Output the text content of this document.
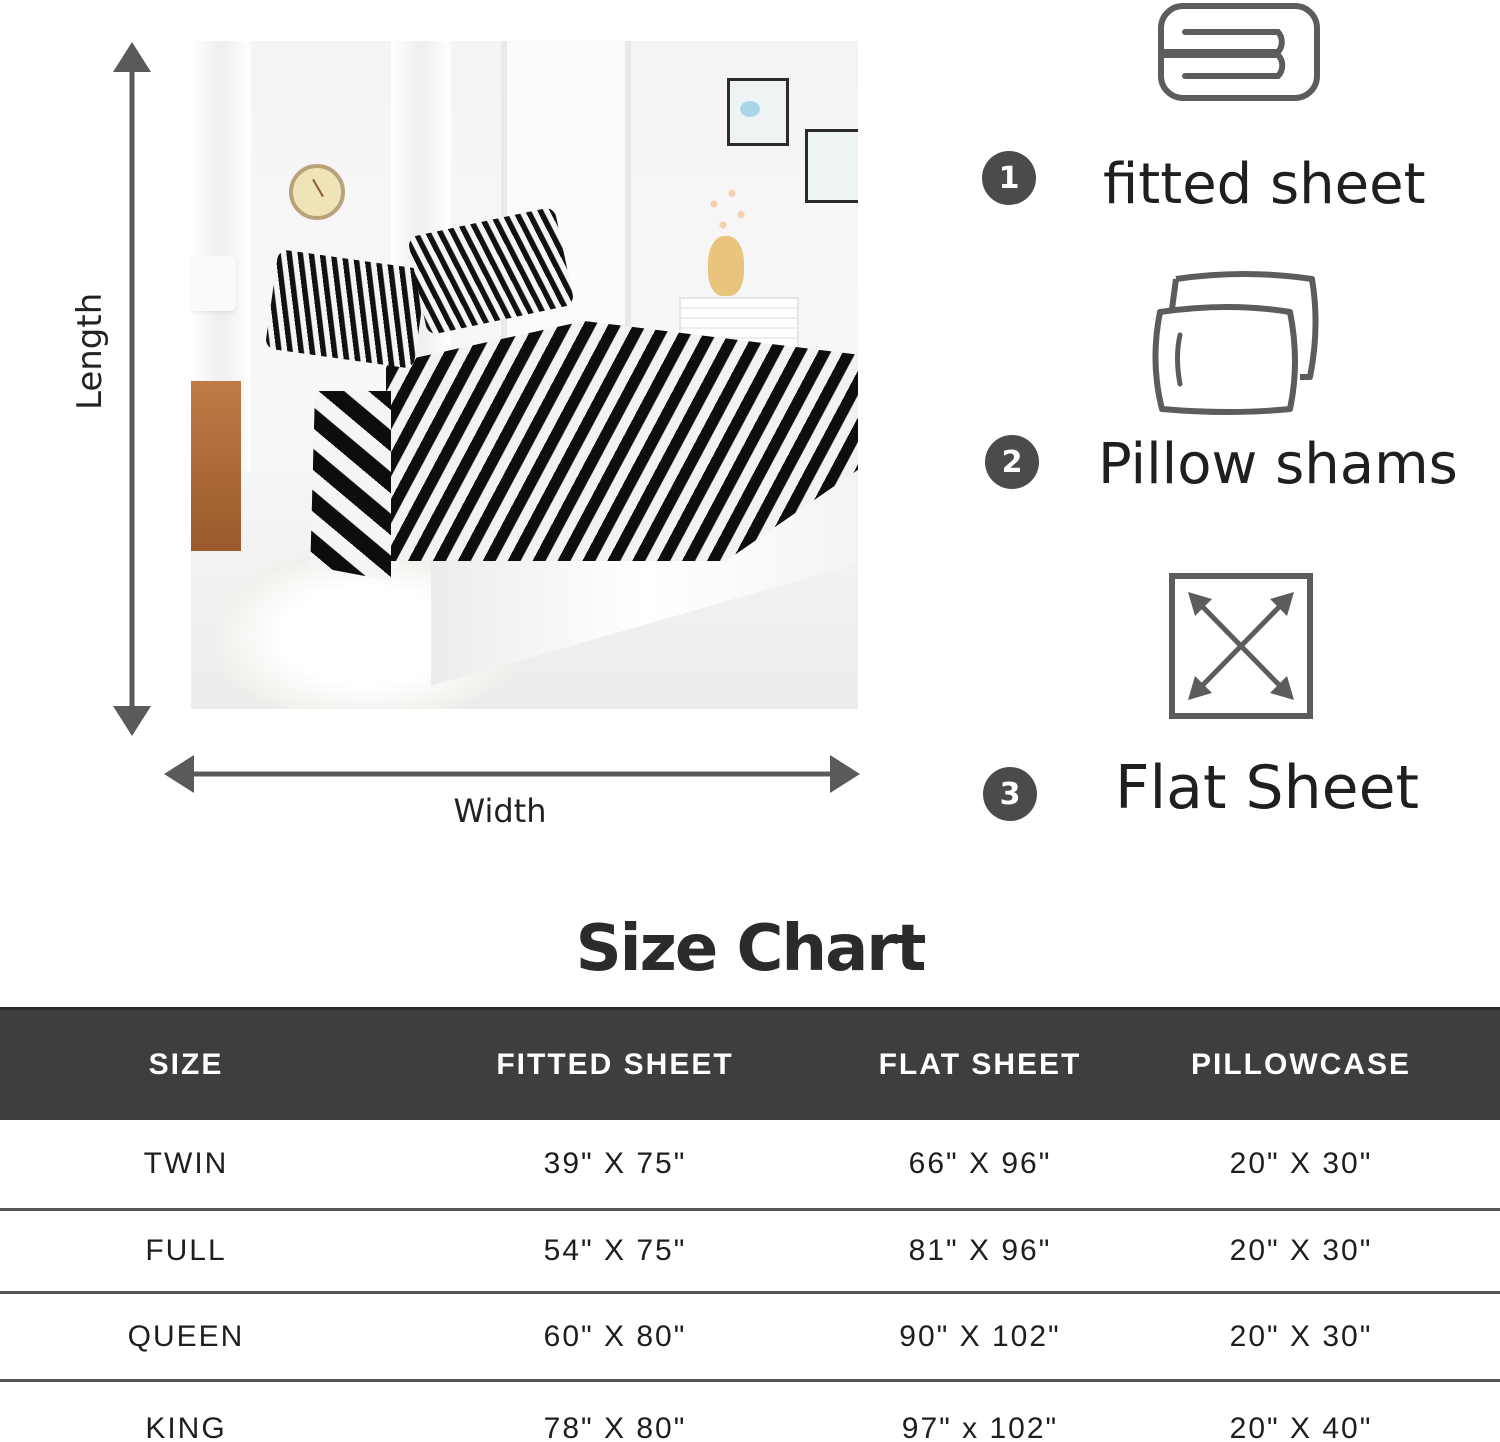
Length
Width
1 fitted sheet
2 Pillow shams
3 Flat Sheet
Size Chart
SIZE	FITTED SHEET	FLAT SHEET	PILLOWCASE
TWIN	39" X 75"	66" X 96"	20" X 30"
FULL	54" X 75"	81" X 96"	20" X 30"
QUEEN	60" X 80"	90" X 102"	20" X 30"
KING	78" X 80"	97" x 102"	20" X 40"
